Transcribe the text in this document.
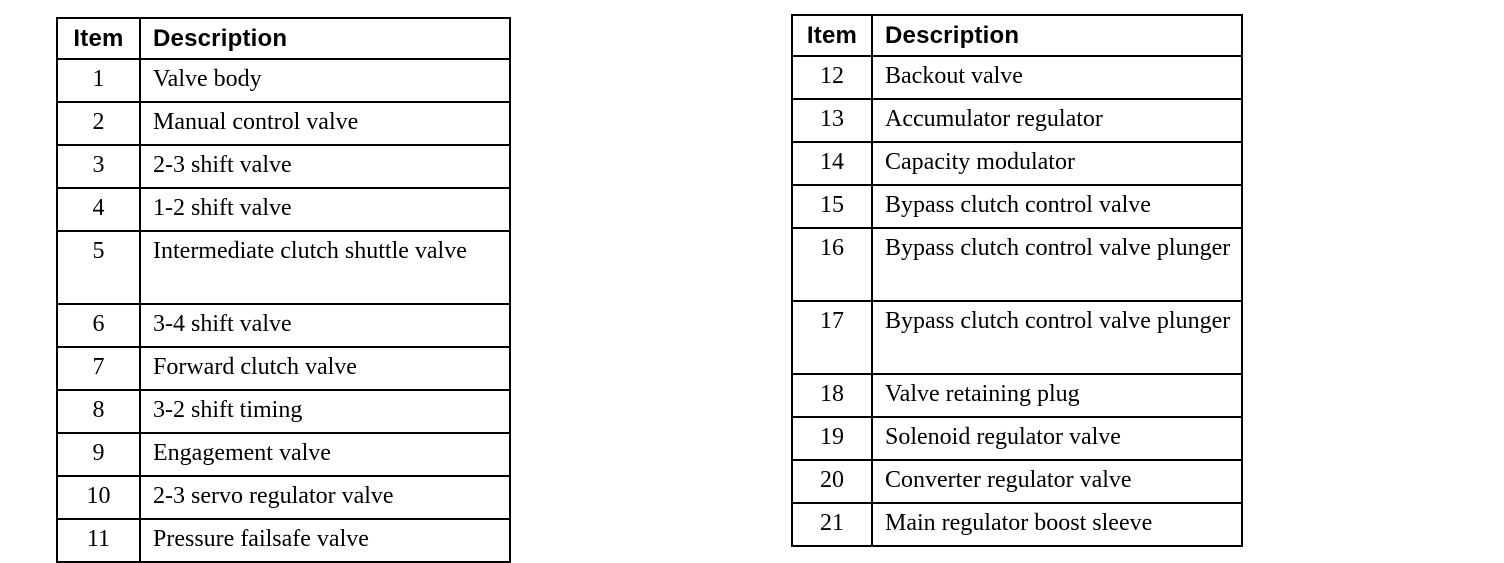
Item	Description
1	Valve body
2	Manual control valve
3	2-3 shift valve
4	1-2 shift valve
5	Intermediate clutch shuttle valve
6	3-4 shift valve
7	Forward clutch valve
8	3-2 shift timing
9	Engagement valve
10	2-3 servo regulator valve
11	Pressure failsafe valve
Item	Description
12	Backout valve
13	Accumulator regulator
14	Capacity modulator
15	Bypass clutch control valve
16	Bypass clutch control valve plunger
17	Bypass clutch control valve plunger
18	Valve retaining plug
19	Solenoid regulator valve
20	Converter regulator valve
21	Main regulator boost sleeve
